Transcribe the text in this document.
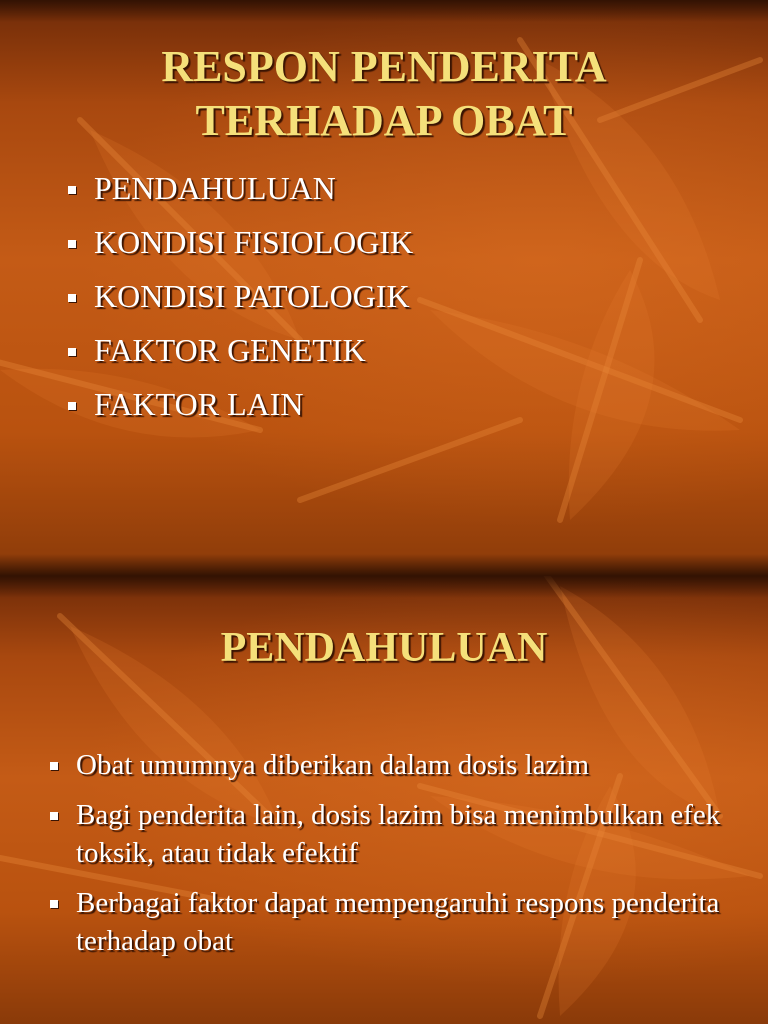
RESPON PENDERITA
TERHADAP OBAT
PENDAHULUAN
KONDISI FISIOLOGIK
KONDISI PATOLOGIK
FAKTOR GENETIK
FAKTOR LAIN
PENDAHULUAN
Obat umumnya diberikan dalam dosis lazim
Bagi penderita lain, dosis lazim bisa menimbulkan efek toksik, atau tidak efektif
Berbagai faktor dapat mempengaruhi respons penderita terhadap obat
